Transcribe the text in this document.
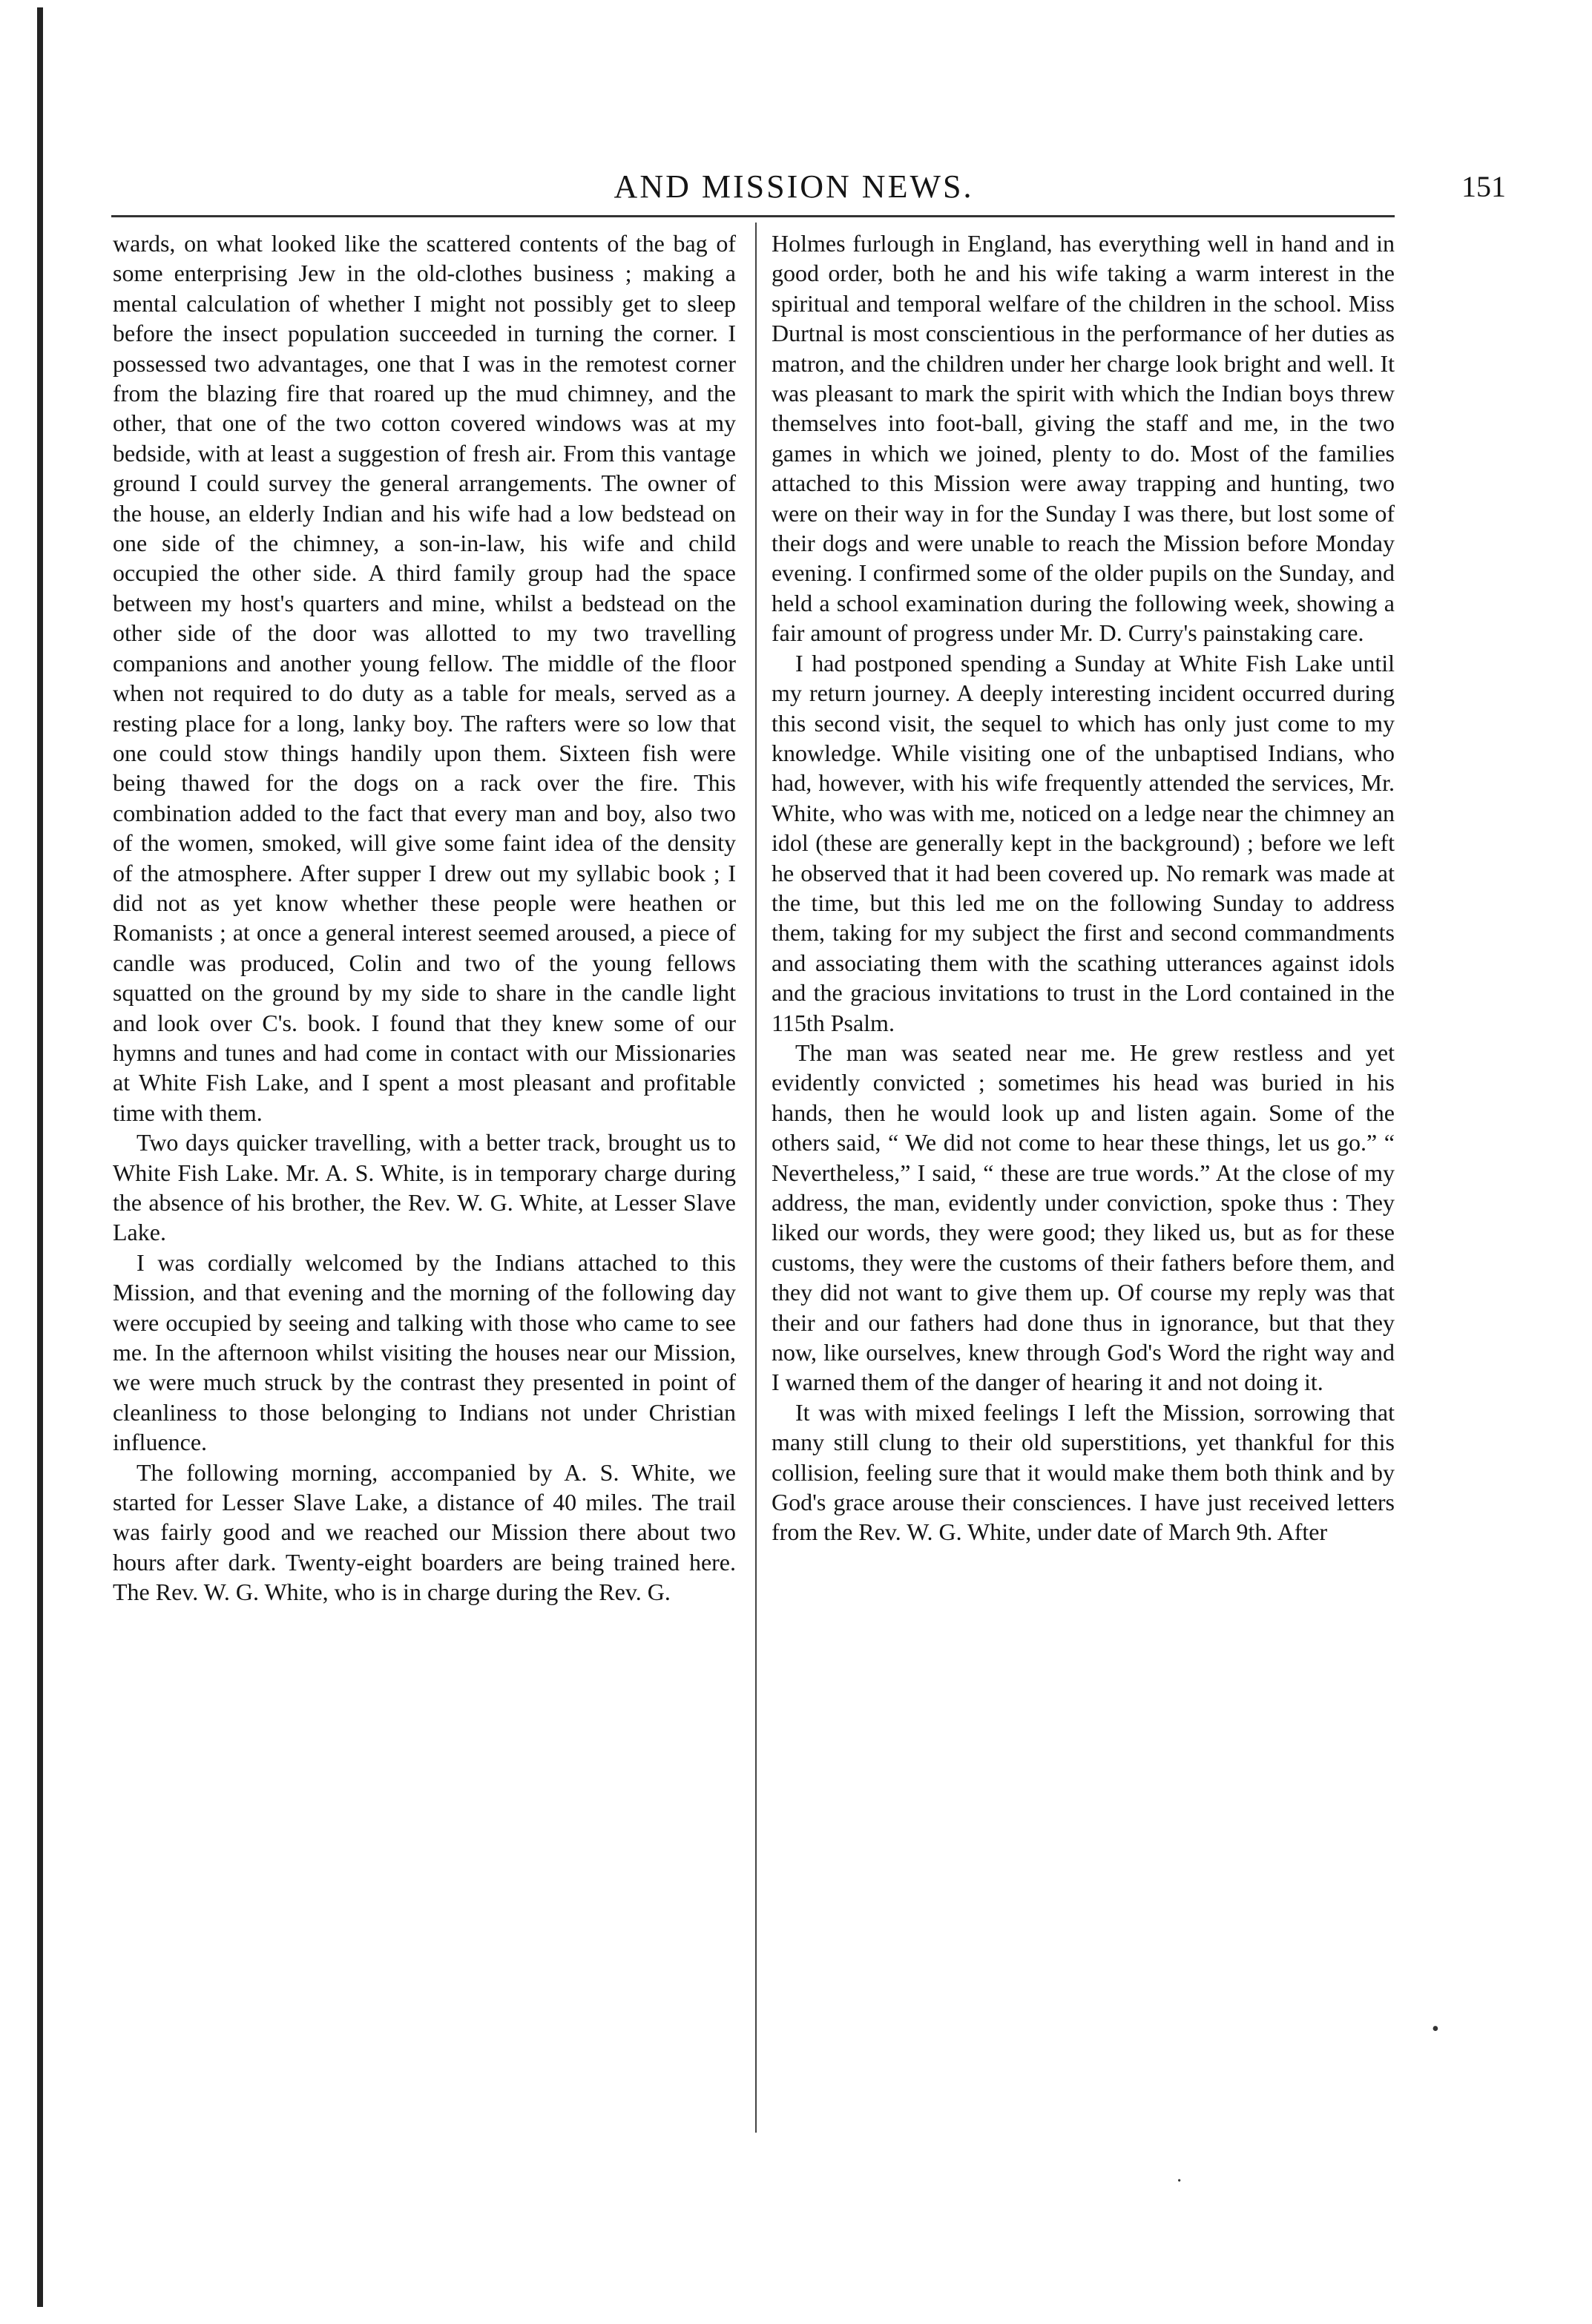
AND MISSION NEWS.	151

wards, on what looked like the scattered contents of the bag of some enterprising Jew in the old-clothes business ; making a mental calculation of whether I might not possibly get to sleep before the insect population succeeded in turning the corner. I possessed two advantages, one that I was in the remotest corner from the blazing fire that roared up the mud chimney, and the other, that one of the two cotton covered windows was at my bedside, with at least a suggestion of fresh air. From this vantage ground I could survey the general arrangements. The owner of the house, an elderly Indian and his wife had a low bedstead on one side of the chimney, a son-in-law, his wife and child occupied the other side. A third family group had the space between my host's quarters and mine, whilst a bedstead on the other side of the door was allotted to my two travelling companions and another young fellow. The middle of the floor when not required to do duty as a table for meals, served as a resting place for a long, lanky boy. The rafters were so low that one could stow things handily upon them. Sixteen fish were being thawed for the dogs on a rack over the fire. This combination added to the fact that every man and boy, also two of the women, smoked, will give some faint idea of the density of the atmosphere. After supper I drew out my syllabic book ; I did not as yet know whether these people were heathen or Romanists ; at once a general interest seemed aroused, a piece of candle was produced, Colin and two of the young fellows squatted on the ground by my side to share in the candle light and look over C's. book. I found that they knew some of our hymns and tunes and had come in contact with our Missionaries at White Fish Lake, and I spent a most pleasant and profitable time with them.

Two days quicker travelling, with a better track, brought us to White Fish Lake. Mr. A. S. White, is in temporary charge during the absence of his brother, the Rev. W. G. White, at Lesser Slave Lake.

I was cordially welcomed by the Indians attached to this Mission, and that evening and the morning of the following day were occupied by seeing and talking with those who came to see me. In the afternoon whilst visiting the houses near our Mission, we were much struck by the contrast they presented in point of cleanliness to those belonging to Indians not under Christian influence.

The following morning, accompanied by A. S. White, we started for Lesser Slave Lake, a distance of 40 miles. The trail was fairly good and we reached our Mission there about two hours after dark. Twenty-eight boarders are being trained here. The Rev. W. G. White, who is in charge during the Rev. G.

Holmes furlough in England, has everything well in hand and in good order, both he and his wife taking a warm interest in the spiritual and temporal welfare of the children in the school. Miss Durtnal is most conscientious in the performance of her duties as matron, and the children under her charge look bright and well. It was pleasant to mark the spirit with which the Indian boys threw themselves into foot-ball, giving the staff and me, in the two games in which we joined, plenty to do. Most of the families attached to this Mission were away trapping and hunting, two were on their way in for the Sunday I was there, but lost some of their dogs and were unable to reach the Mission before Monday evening. I confirmed some of the older pupils on the Sunday, and held a school examination during the following week, showing a fair amount of progress under Mr. D. Curry's painstaking care.

I had postponed spending a Sunday at White Fish Lake until my return journey. A deeply interesting incident occurred during this second visit, the sequel to which has only just come to my knowledge. While visiting one of the unbaptised Indians, who had, however, with his wife frequently attended the services, Mr. White, who was with me, noticed on a ledge near the chimney an idol (these are generally kept in the background) ; before we left he observed that it had been covered up. No remark was made at the time, but this led me on the following Sunday to address them, taking for my subject the first and second commandments and associating them with the scathing utterances against idols and the gracious invitations to trust in the Lord contained in the 115th Psalm.

The man was seated near me. He grew restless and yet evidently convicted ; sometimes his head was buried in his hands, then he would look up and listen again. Some of the others said, “ We did not come to hear these things, let us go.” “ Nevertheless,” I said, “ these are true words.” At the close of my address, the man, evidently under conviction, spoke thus : They liked our words, they were good; they liked us, but as for these customs, they were the customs of their fathers before them, and they did not want to give them up. Of course my reply was that their and our fathers had done thus in ignorance, but that they now, like ourselves, knew through God's Word the right way and I warned them of the danger of hearing it and not doing it.

It was with mixed feelings I left the Mission, sorrowing that many still clung to their old superstitions, yet thankful for this collision, feeling sure that it would make them both think and by God's grace arouse their consciences. I have just received letters from the Rev. W. G. White, under date of March 9th. After

·
•
